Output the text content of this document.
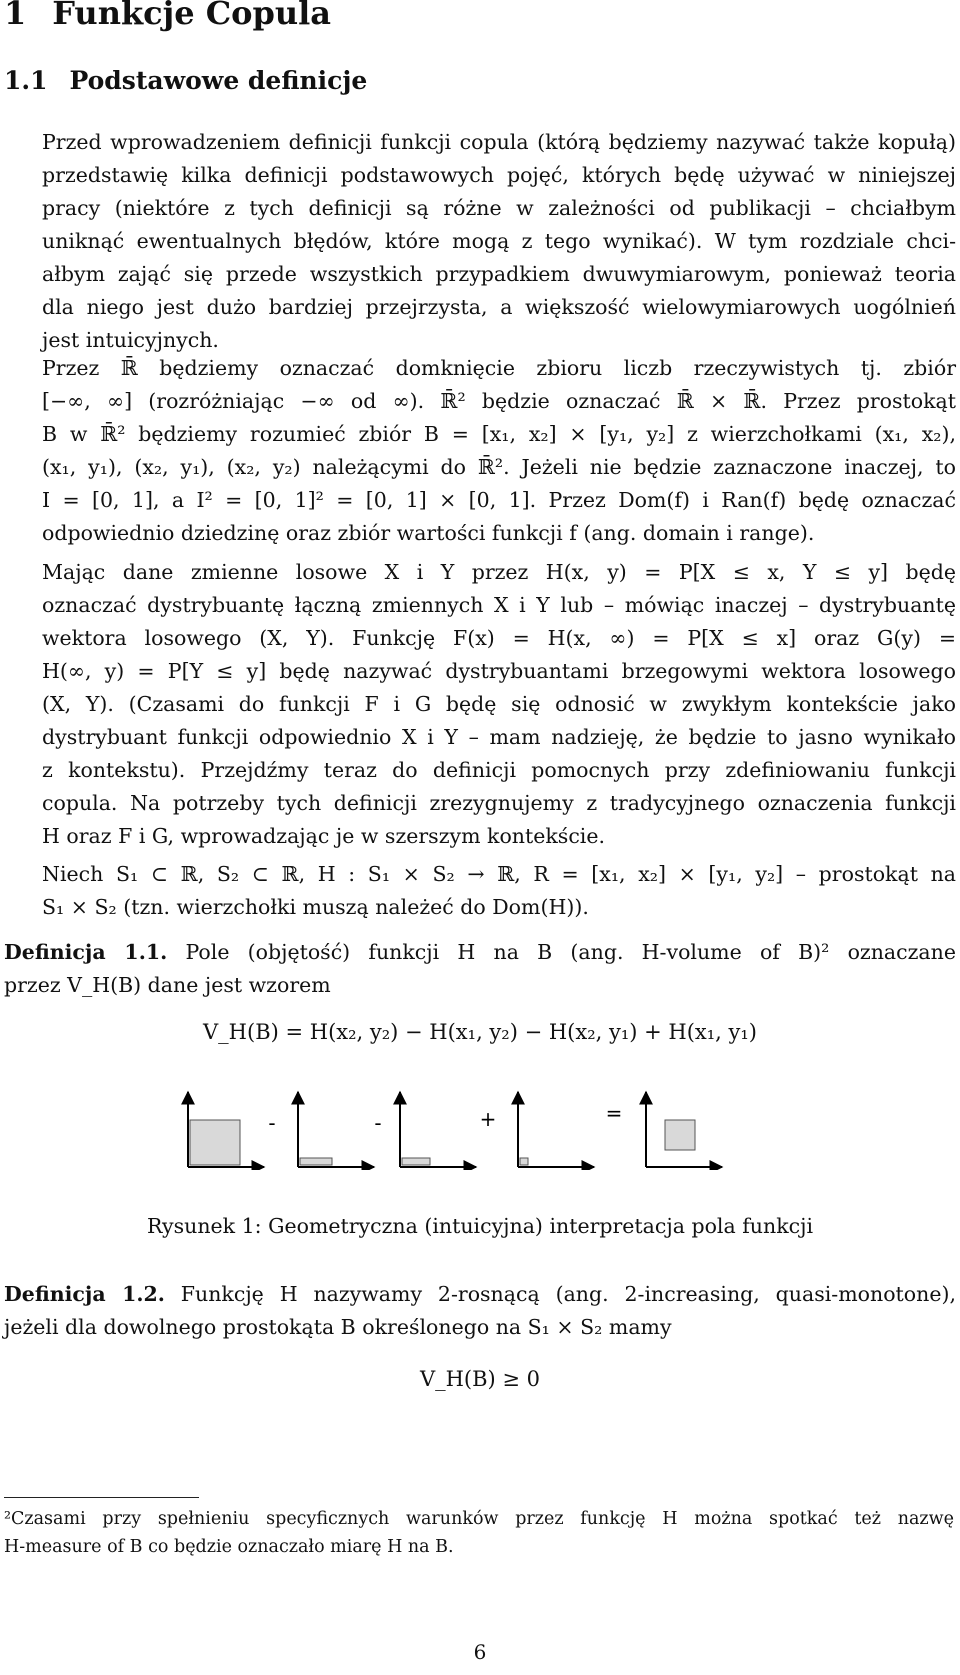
1 Funkcje Copula
1.1 Podstawowe definicje
Przed wprowadzeniem definicji funkcji copula (którą będziemy nazywać także kopułą)
przedstawię kilka definicji podstawowych pojęć, których będę używać w niniejszej
pracy (niektóre z tych definicji są różne w zależności od publikacji – chciałbym
uniknąć ewentualnych błędów, które mogą z tego wynikać). W tym rozdziale chci-
ałbym zająć się przede wszystkich przypadkiem dwuwymiarowym, ponieważ teoria
dla niego jest dużo bardziej przejrzysta, a większość wielowymiarowych uogólnień
jest intuicyjnych.
Przez ℝ̄ będziemy oznaczać domknięcie zbioru liczb rzeczywistych tj. zbiór
[−∞, ∞] (rozróżniając −∞ od ∞). ℝ̄² będzie oznaczać ℝ̄ × ℝ̄. Przez prostokąt
B w ℝ̄² będziemy rozumieć zbiór B = [x₁, x₂] × [y₁, y₂] z wierzchołkami (x₁, x₂),
(x₁, y₁), (x₂, y₁), (x₂, y₂) należącymi do ℝ̄². Jeżeli nie będzie zaznaczone inaczej, to
I = [0, 1], a I² = [0, 1]² = [0, 1] × [0, 1]. Przez Dom(f) i Ran(f) będę oznaczać
odpowiednio dziedzinę oraz zbiór wartości funkcji f (ang. domain i range).
Mając dane zmienne losowe X i Y przez H(x, y) = P[X ≤ x, Y ≤ y] będę
oznaczać dystrybuantę łączną zmiennych X i Y lub – mówiąc inaczej – dystrybuantę
wektora losowego (X, Y). Funkcję F(x) = H(x, ∞) = P[X ≤ x] oraz G(y) =
H(∞, y) = P[Y ≤ y] będę nazywać dystrybuantami brzegowymi wektora losowego
(X, Y). (Czasami do funkcji F i G będę się odnosić w zwykłym kontekście jako
dystrybuant funkcji odpowiednio X i Y – mam nadzieję, że będzie to jasno wynikało
z kontekstu). Przejdźmy teraz do definicji pomocnych przy zdefiniowaniu funkcji
copula. Na potrzeby tych definicji zrezygnujemy z tradycyjnego oznaczenia funkcji
H oraz F i G, wprowadzając je w szerszym kontekście.
Niech S₁ ⊂ ℝ, S₂ ⊂ ℝ, H : S₁ × S₂ → ℝ, R = [x₁, x₂] × [y₁, y₂] – prostokąt na
S₁ × S₂ (tzn. wierzchołki muszą należeć do Dom(H)).
Definicja 1.1. Pole (objętość) funkcji H na B (ang. H-volume of B)² oznaczane
przez V_H(B) dane jest wzorem
V_H(B) = H(x₂, y₂) − H(x₁, y₂) − H(x₂, y₁) + H(x₁, y₁)
-	-	+	=
Rysunek 1: Geometryczna (intuicyjna) interpretacja pola funkcji
Definicja 1.2. Funkcję H nazywamy 2-rosnącą (ang. 2-increasing, quasi-monotone),
jeżeli dla dowolnego prostokąta B określonego na S₁ × S₂ mamy
V_H(B) ≥ 0
²Czasami przy spełnieniu specyficznych warunków przez funkcję H można spotkać też nazwę
H-measure of B co będzie oznaczało miarę H na B.
6
